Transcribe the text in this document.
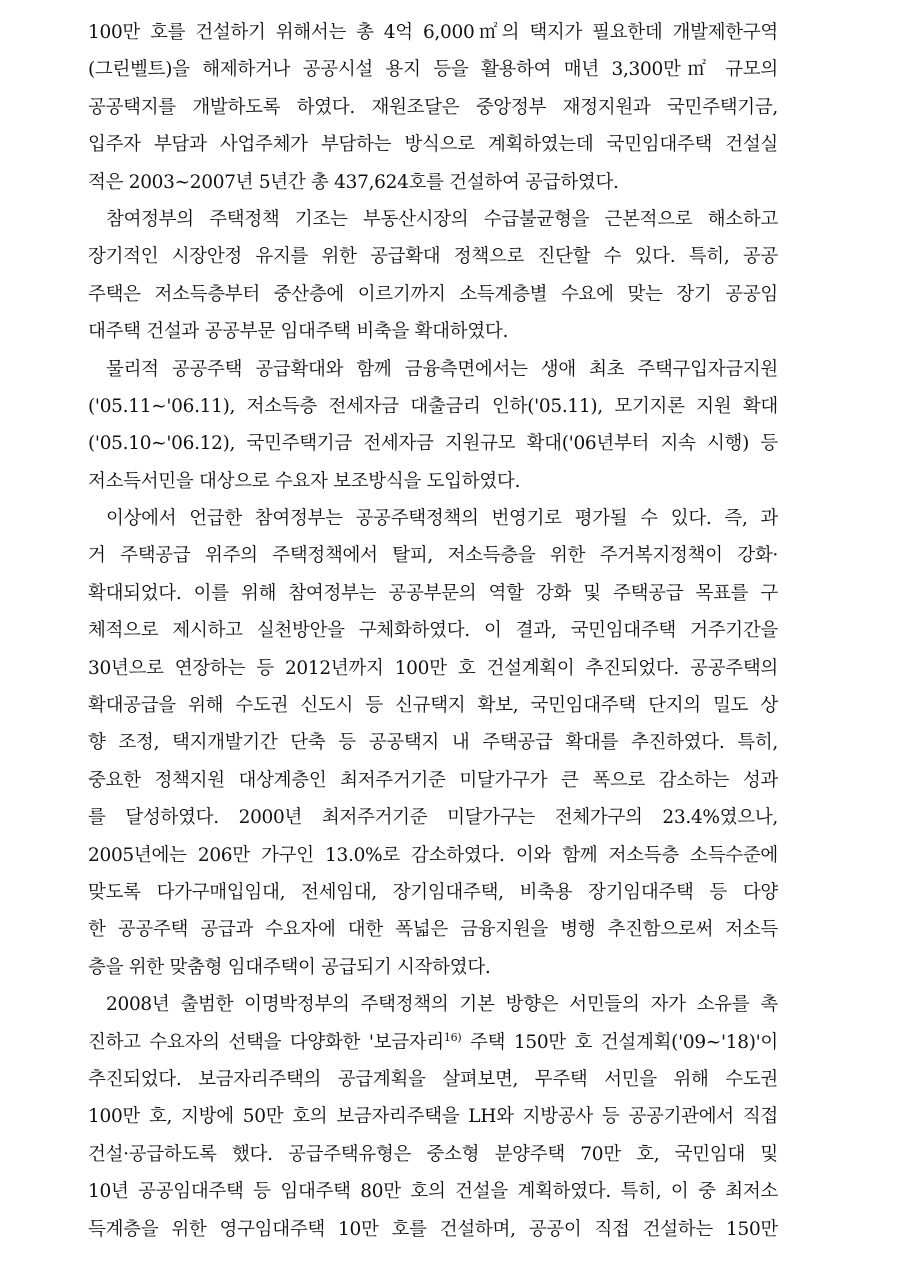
100만 호를 건설하기 위해서는 총 4억 6,000㎡의 택지가 필요한데 개발제한구역
(그린벨트)을 해제하거나 공공시설 용지 등을 활용하여 매년 3,300만㎡ 규모의
공공택지를 개발하도록 하였다. 재원조달은 중앙정부 재정지원과 국민주택기금,
입주자 부담과 사업주체가 부담하는 방식으로 계획하였는데 국민임대주택 건설실
적은 2003∼2007년 5년간 총 437,624호를 건설하여 공급하였다.

참여정부의 주택정책 기조는 부동산시장의 수급불균형을 근본적으로 해소하고
장기적인 시장안정 유지를 위한 공급확대 정책으로 진단할 수 있다. 특히, 공공
주택은 저소득층부터 중산층에 이르기까지 소득계층별 수요에 맞는 장기 공공임
대주택 건설과 공공부문 임대주택 비축을 확대하였다.

물리적 공공주택 공급확대와 함께 금융측면에서는 생애 최초 주택구입자금지원
('05.11∼'06.11), 저소득층 전세자금 대출금리 인하('05.11), 모기지론 지원 확대
('05.10∼'06.12), 국민주택기금 전세자금 지원규모 확대('06년부터 지속 시행) 등
저소득서민을 대상으로 수요자 보조방식을 도입하였다.

이상에서 언급한 참여정부는 공공주택정책의 번영기로 평가될 수 있다. 즉, 과
거 주택공급 위주의 주택정책에서 탈피, 저소득층을 위한 주거복지정책이 강화·
확대되었다. 이를 위해 참여정부는 공공부문의 역할 강화 및 주택공급 목표를 구
체적으로 제시하고 실천방안을 구체화하였다. 이 결과, 국민임대주택 거주기간을
30년으로 연장하는 등 2012년까지 100만 호 건설계획이 추진되었다. 공공주택의
확대공급을 위해 수도권 신도시 등 신규택지 확보, 국민임대주택 단지의 밀도 상
향 조정, 택지개발기간 단축 등 공공택지 내 주택공급 확대를 추진하였다. 특히,
중요한 정책지원 대상계층인 최저주거기준 미달가구가 큰 폭으로 감소하는 성과
를 달성하였다. 2000년 최저주거기준 미달가구는 전체가구의 23.4%였으나,
2005년에는 206만 가구인 13.0%로 감소하였다. 이와 함께 저소득층 소득수준에
맞도록 다가구매입임대, 전세임대, 장기임대주택, 비축용 장기임대주택 등 다양
한 공공주택 공급과 수요자에 대한 폭넓은 금융지원을 병행 추진함으로써 저소득
층을 위한 맞춤형 임대주택이 공급되기 시작하였다.

2008년 출범한 이명박정부의 주택정책의 기본 방향은 서민들의 자가 소유를 촉
진하고 수요자의 선택을 다양화한 '보금자리$^{16)}$ 주택 150만 호 건설계획('09∼'18)'이
추진되었다. 보금자리주택의 공급계획을 살펴보면, 무주택 서민을 위해 수도권
100만 호, 지방에 50만 호의 보금자리주택을 LH와 지방공사 등 공공기관에서 직접
건설·공급하도록 했다. 공급주택유형은 중소형 분양주택 70만 호, 국민임대 및
10년 공공임대주택 등 임대주택 80만 호의 건설을 계획하였다. 특히, 이 중 최저소
득계층을 위한 영구임대주택 10만 호를 건설하며, 공공이 직접 건설하는 150만
